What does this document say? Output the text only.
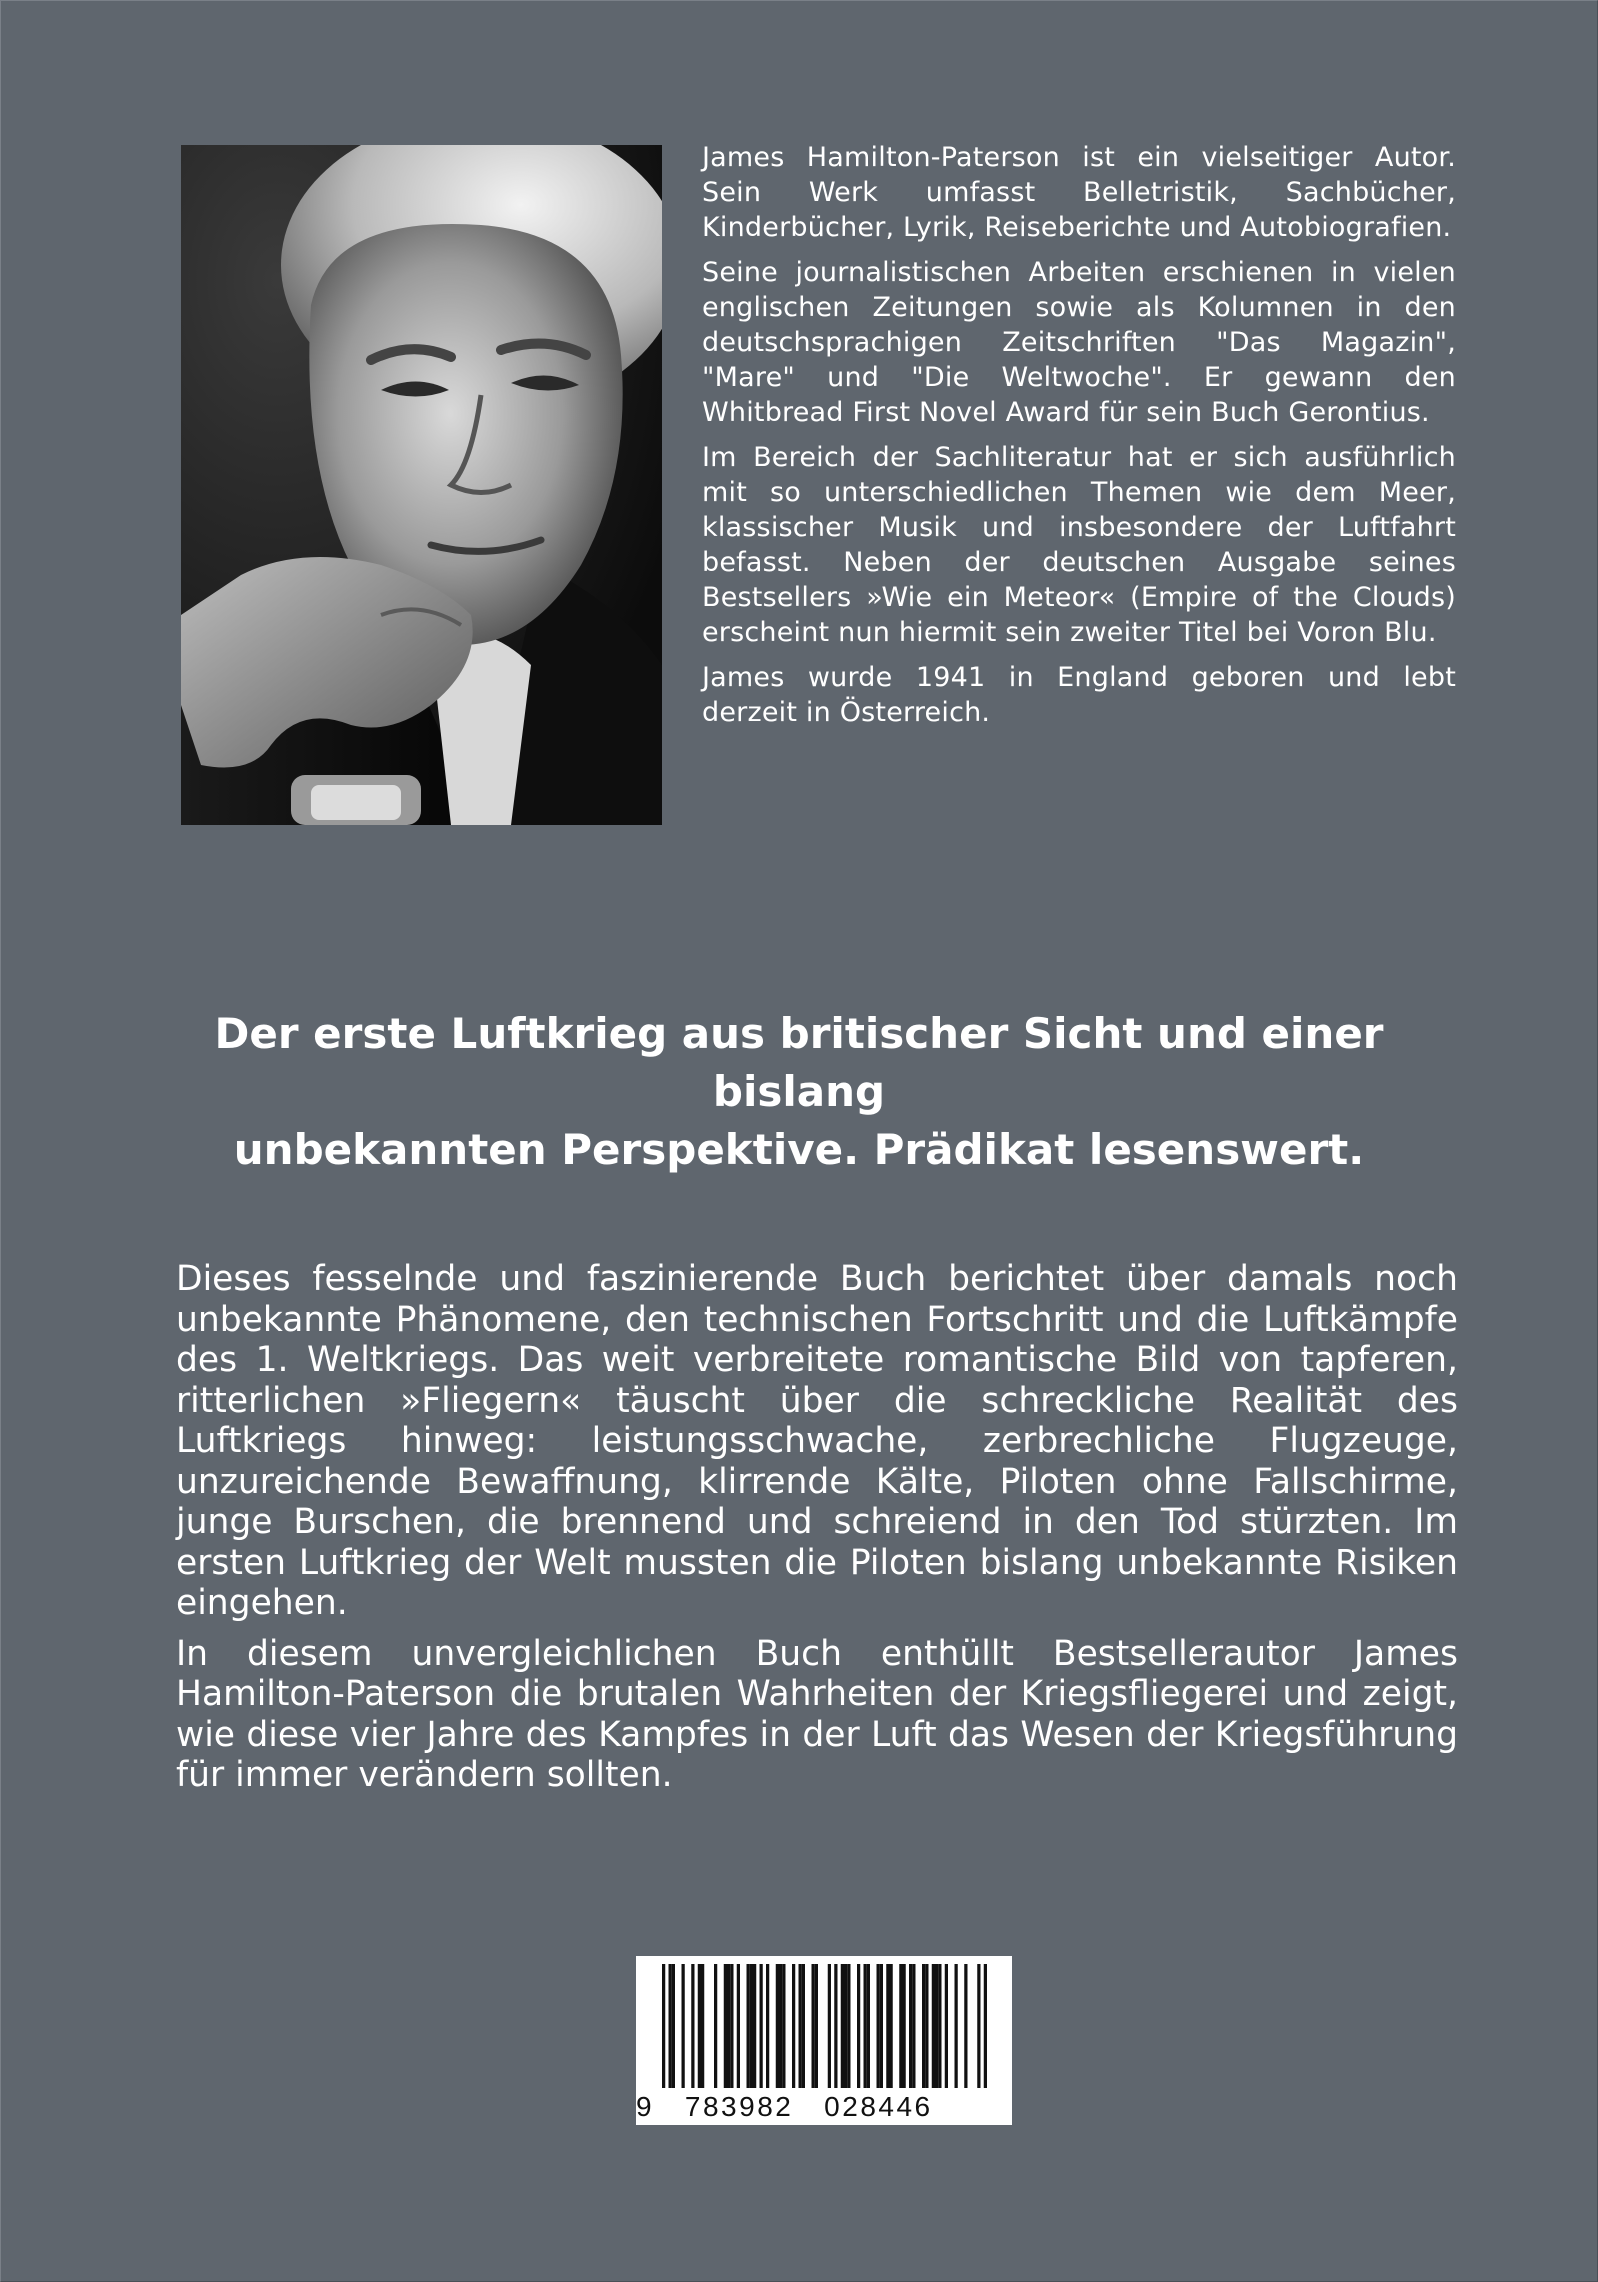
James Hamilton-Paterson ist ein vielseitiger Autor. Sein Werk umfasst Belletristik, Sachbücher, Kinderbücher, Lyrik, Reiseberichte und Autobiografien.

Seine journalistischen Arbeiten erschienen in vielen englischen Zeitungen sowie als Kolumnen in den deutschsprachigen Zeitschriften "Das Magazin", "Mare" und "Die Weltwoche". Er gewann den Whitbread First Novel Award für sein Buch Gerontius.

Im Bereich der Sachliteratur hat er sich ausführlich mit so unterschiedlichen Themen wie dem Meer, klassischer Musik und insbesondere der Luftfahrt befasst. Neben der deutschen Ausgabe seines Bestsellers »Wie ein Meteor« (Empire of the Clouds) erscheint nun hiermit sein zweiter Titel bei Voron Blu.

James wurde 1941 in England geboren und lebt derzeit in Österreich.

Der erste Luftkrieg aus britischer Sicht und einer bislang
unbekannten Perspektive. Prädikat lesenswert.

Dieses fesselnde und faszinierende Buch berichtet über damals noch unbekannte Phänomene, den technischen Fortschritt und die Luftkämpfe des 1. Weltkriegs. Das weit verbreitete romantische Bild von tapferen, ritterlichen »Fliegern« täuscht über die schreckliche Realität des Luftkriegs hinweg: leistungsschwache, zerbrechliche Flugzeuge, unzureichende Bewaffnung, klirrende Kälte, Piloten ohne Fallschirme, junge Burschen, die brennend und schreiend in den Tod stürzten. Im ersten Luftkrieg der Welt mussten die Piloten bislang unbekannte Risiken eingehen.

In diesem unvergleichlichen Buch enthüllt Bestsellerautor James Hamilton-Paterson die brutalen Wahrheiten der Kriegsfliegerei und zeigt, wie diese vier Jahre des Kampfes in der Luft das Wesen der Kriegsführung für immer verändern sollten.

9   783982   028446
